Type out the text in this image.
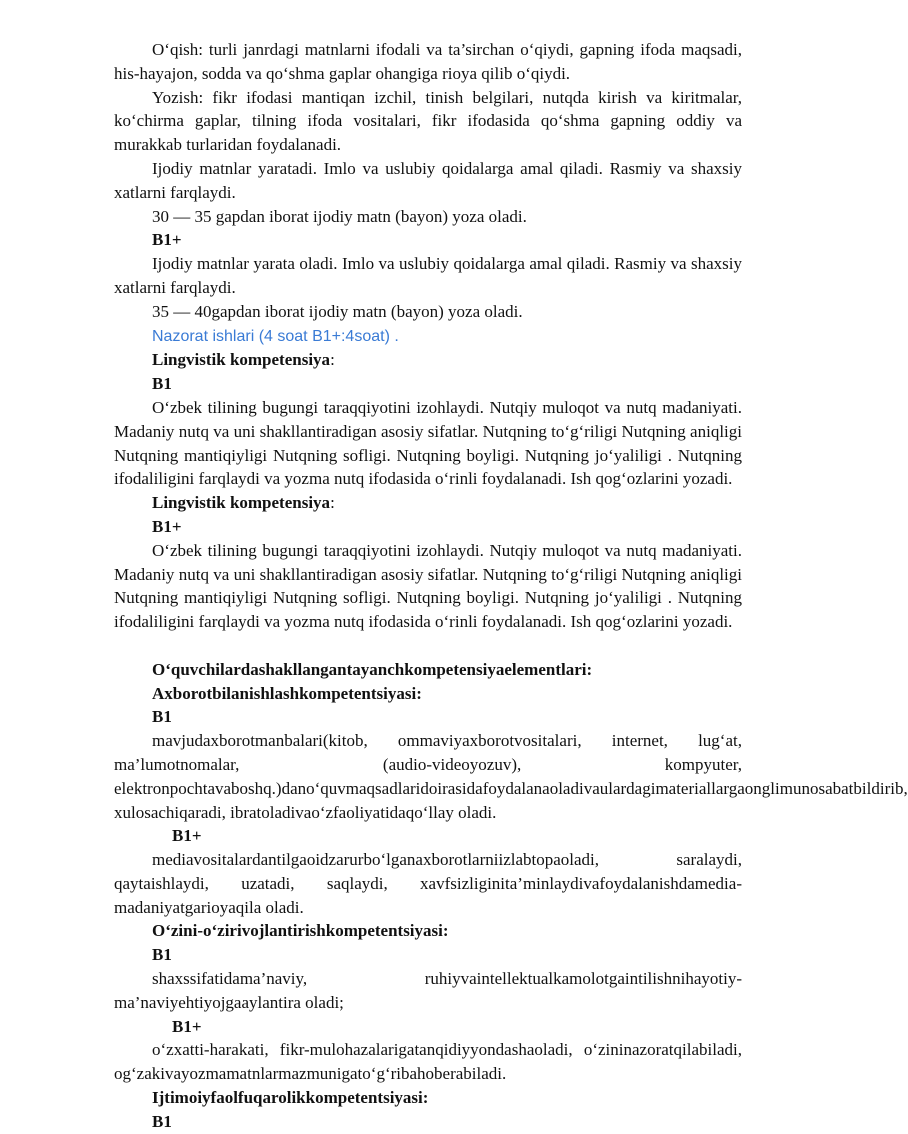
O‘qish: turli janrdagi matnlarni ifodali va ta’sirchan o‘qiydi, gapning ifoda maqsadi, his-hayajon, sodda va qo‘shma gaplar ohangiga rioya qilib o‘qiydi.

Yozish: fikr ifodasi mantiqan izchil, tinish belgilari, nutqda kirish va kiritmalar, ko‘chirma gaplar, tilning ifoda vositalari, fikr ifodasida qo‘shma gapning oddiy va murakkab turlaridan foydalanadi.

Ijodiy matnlar yaratadi. Imlo va uslubiy qoidalarga amal qiladi. Rasmiy va shaxsiy xatlarni farqlaydi.

30 — 35 gapdan iborat ijodiy matn (bayon) yoza oladi.

B1+

Ijodiy matnlar yarata oladi. Imlo va uslubiy qoidalarga amal qiladi. Rasmiy va shaxsiy xatlarni farqlaydi.

35 — 40gapdan iborat ijodiy matn (bayon) yoza oladi.

Nazorat ishlari (4 soat B1+:4soat) .

Lingvistik kompetensiya:

B1

O‘zbek tilining bugungi taraqqiyotini izohlaydi. Nutqiy muloqot va nutq madaniyati. Madaniy nutq va uni shakllantiradigan asosiy sifatlar. Nutqning to‘g‘riligi Nutqning aniqligi Nutqning mantiqiyligi Nutqning sofligi. Nutqning boyligi. Nutqning jo‘yaliligi . Nutqning ifodaliligini farqlaydi va yozma nutq ifodasida o‘rinli foydalanadi. Ish qog‘ozlarini yozadi.

Lingvistik kompetensiya:

B1+

O‘zbek tilining bugungi taraqqiyotini izohlaydi. Nutqiy muloqot va nutq madaniyati. Madaniy nutq va uni shakllantiradigan asosiy sifatlar. Nutqning to‘g‘riligi Nutqning aniqligi Nutqning mantiqiyligi Nutqning sofligi. Nutqning boyligi. Nutqning jo‘yaliligi . Nutqning ifodaliligini farqlaydi va yozma nutq ifodasida o‘rinli foydalanadi. Ish qog‘ozlarini yozadi.

O‘quvchilardashakllangantayanchkompetensiyaelementlari:

Axborotbilanishlashkompetentsiyasi:

B1

mavjudaxborotmanbalari(kitob, ommaviyaxborotvositalari, internet, lug‘at, ma’lumotnomalar, (audio-videoyozuv), kompyuter, elektronpochtavaboshq.)dano‘quvmaqsadlaridoirasidafoydalanaoladivaulardagimateriallargaonglimunosabatbildirib, xulosachiqaradi, ibratoladivao‘zfaoliyatidaqo‘llay oladi.

B1+

mediavositalardantilgaoidzarurbo‘lganaxborotlarniizlabtopaoladi, saralaydi, qaytaishlaydi, uzatadi, saqlaydi, xavfsizliginita’minlaydivafoydalanishdamedia-madaniyatgarioyaqila oladi.

O‘zini-o‘zirivojlantirishkompetentsiyasi:

B1

shaxssifatidama’naviy, ruhiyvaintellektualkamolotgaintilishnihayotiy-ma’naviyehtiyojgaaylantira oladi;

B1+

o‘zxatti-harakati, fikr-mulohazalarigatanqidiyyondashaoladi, o‘zininazoratqilabiladi, og‘zakivayozmamatnlarmazmunigato‘g‘ribahoberabiladi.

Ijtimoiyfaolfuqarolikkompetentsiyasi:

B1
